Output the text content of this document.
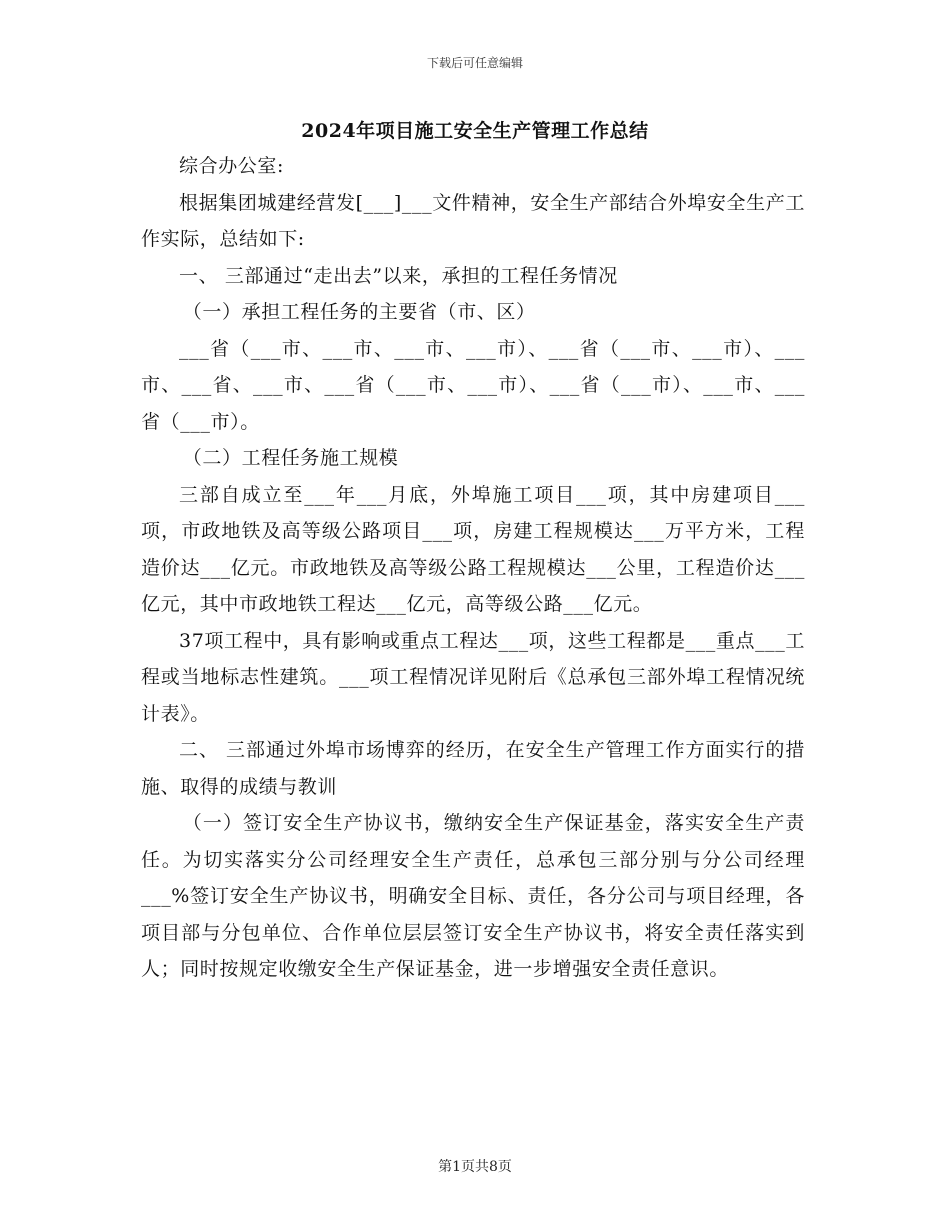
下载后可任意编辑
2024年项目施工安全生产管理工作总结

综合办公室:

根据集团城建经营发[___]___文件精神，安全生产部结合外埠安全生产工作实际，总结如下:

一、 三部通过“走出去”以来，承担的工程任务情况

（一）承担工程任务的主要省（市、区）

___省（___市、___市、___市、___市）、___省（___市、___市）、___市、___省、___市、___省（___市、___市）、___省（___市）、___市、___省（___市）。

（二）工程任务施工规模

三部自成立至___年___月底，外埠施工项目___项，其中房建项目___项，市政地铁及高等级公路项目___项，房建工程规模达___万平方米，工程造价达___亿元。市政地铁及高等级公路工程规模达___公里，工程造价达___亿元，其中市政地铁工程达___亿元，高等级公路___亿元。

37项工程中，具有影响或重点工程达___项，这些工程都是___重点___工程或当地标志性建筑。___项工程情况详见附后《总承包三部外埠工程情况统计表》。

二、 三部通过外埠市场博弈的经历，在安全生产管理工作方面实行的措施、取得的成绩与教训

（一）签订安全生产协议书，缴纳安全生产保证基金，落实安全生产责任。为切实落实分公司经理安全生产责任，总承包三部分别与分公司经理___%签订安全生产协议书，明确安全目标、责任，各分公司与项目经理，各项目部与分包单位、合作单位层层签订安全生产协议书，将安全责任落实到人；同时按规定收缴安全生产保证基金，进一步增强安全责任意识。

第1页共8页
